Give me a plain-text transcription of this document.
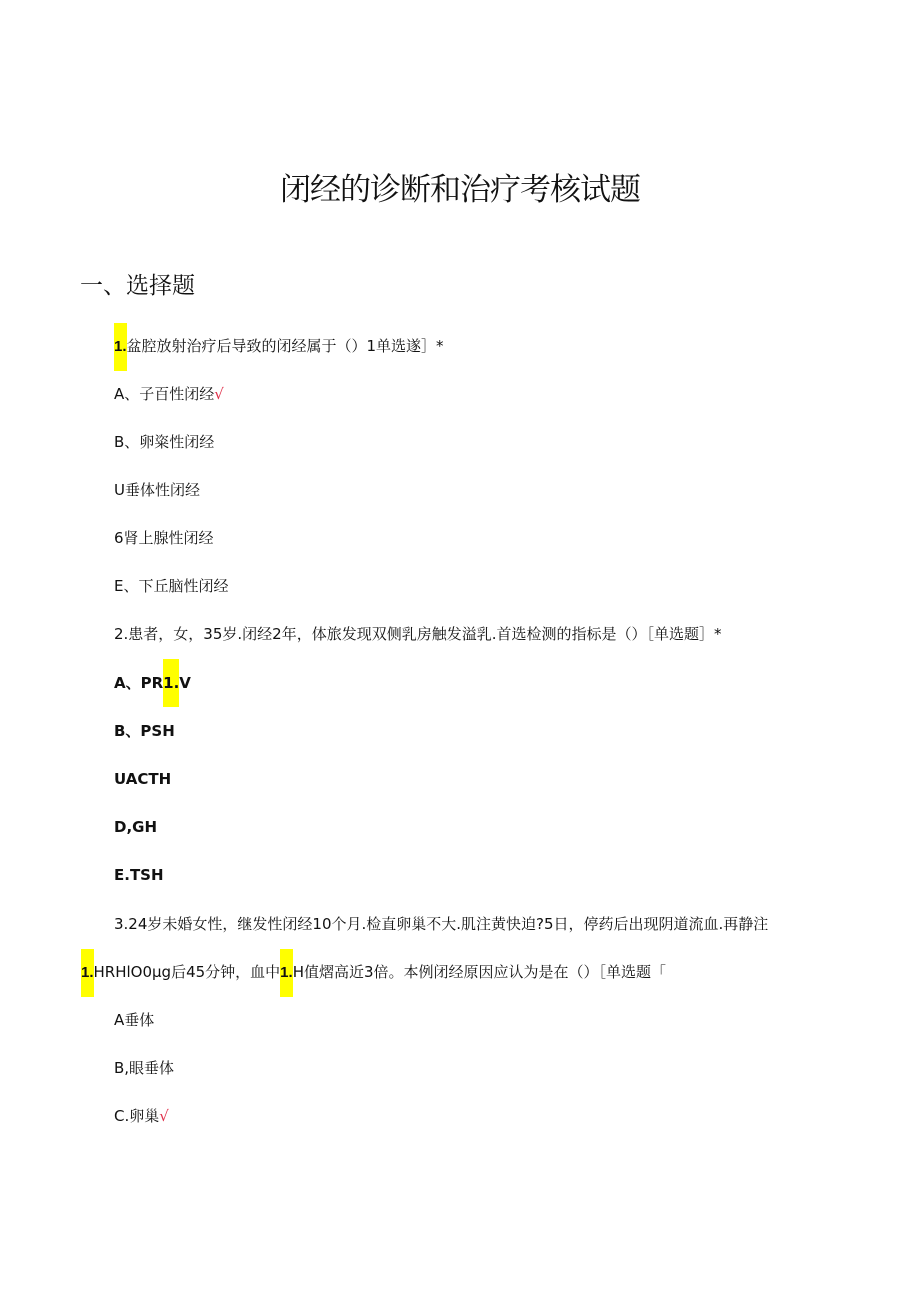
闭经的诊断和治疗考核试题
一、选择题
1.盆腔放射治疗后导致的闭经属于（）1单选遂］*
A、子百性闭经√
B、卵粢性闭经
U垂体性闭经
6肾上腺性闭经
E、下丘脑性闭经
2.患者，女，35岁.闭经2年，体旅发现双侧乳房触发溢乳.首选检测的指标是（）［单选题］*
A、PR1.V
B、PSH
UACTH
D,GH
E.TSH
3.24岁未婚女性，继发性闭经10个月.检直卵巢不大.肌注黄快迫?5日，停药后出现阴道流血.再静注
1.HRHlO0μg后45分钟，血中1.H值熠高近3倍。本例闭经原因应认为是在（）［单选题「
A垂体
B,眼垂体
C.卵巢√
